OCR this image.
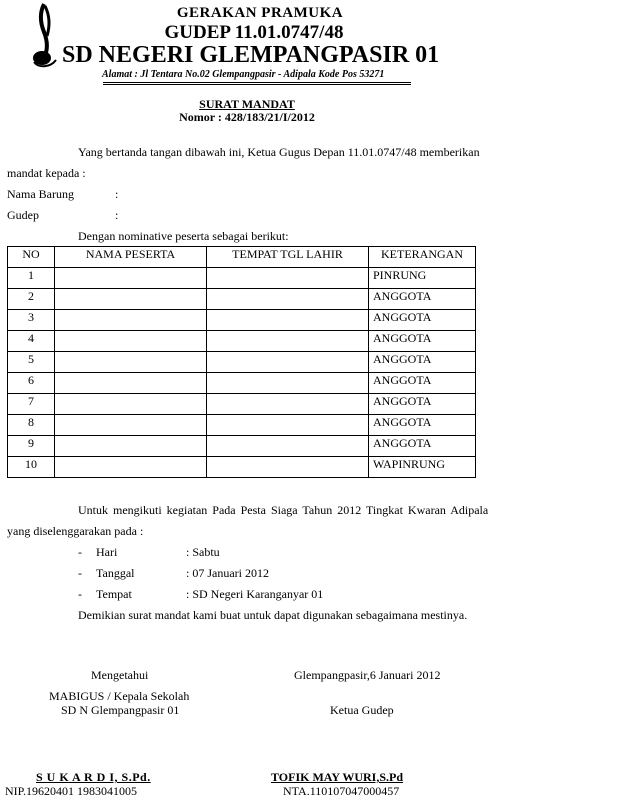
GERAKAN PRAMUKA
GUDEP 11.01.0747/48
SD NEGERI GLEMPANGPASIR 01
Alamat : Jl Tentara No.02 Glempangpasir - Adipala Kode Pos 53271
SURAT MANDAT
Nomor : 428/183/21/I/2012
Yang bertanda tangan dibawah ini, Ketua Gugus Depan 11.01.0747/48 memberikan
mandat kepada :
Nama Barung	:
Gudep	:
Dengan nominative peserta sebagai berikut:
NO	NAMA PESERTA	TEMPAT TGL LAHIR	KETERANGAN
1			PINRUNG
2			ANGGOTA
3			ANGGOTA
4			ANGGOTA
5			ANGGOTA
6			ANGGOTA
7			ANGGOTA
8			ANGGOTA
9			ANGGOTA
10			WAPINRUNG
Untuk mengikuti kegiatan Pada Pesta Siaga Tahun 2012 Tingkat Kwaran Adipala
yang diselenggarakan pada :
- Hari	: Sabtu
- Tanggal	: 07 Januari 2012
- Tempat	: SD Negeri Karanganyar 01
Demikian surat mandat kami buat untuk dapat digunakan sebagaimana mestinya.
Mengetahui
MABIGUS / Kepala Sekolah
SD N Glempangpasir 01
S U K A R D I, S.Pd.
NIP.19620401 1983041005
Glempangpasir,6 Januari 2012
Ketua Gudep
TOFIK MAY WURI,S.Pd
NTA.110107047000457
